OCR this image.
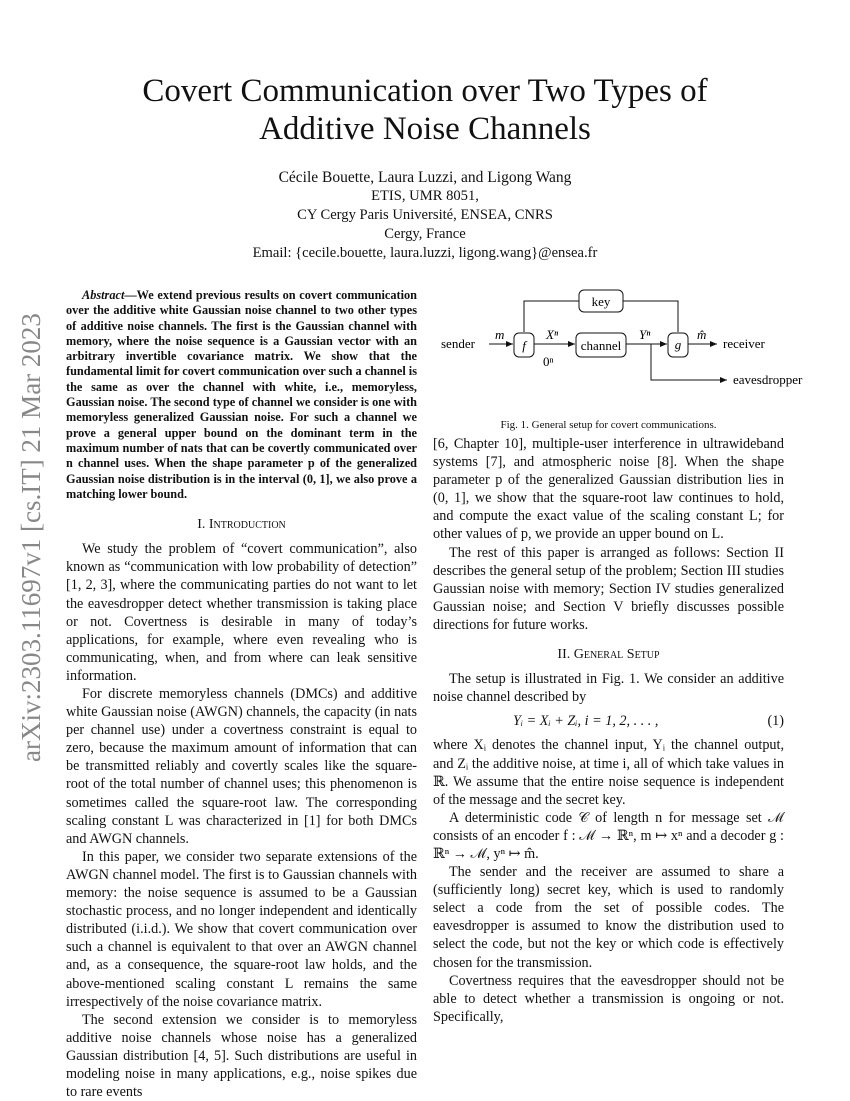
arXiv:2303.11697v1 [cs.IT] 21 Mar 2023
Covert Communication over Two Types of
Additive Noise Channels
Cécile Bouette, Laura Luzzi, and Ligong Wang
ETIS, UMR 8051,
CY Cergy Paris Université, ENSEA, CNRS
Cergy, France
Email: {cecile.bouette, laura.luzzi, ligong.wang}@ensea.fr

Abstract—We extend previous results on covert communication over the additive white Gaussian noise channel to two other types of additive noise channels. The first is the Gaussian channel with memory, where the noise sequence is a Gaussian vector with an arbitrary invertible covariance matrix. We show that the fundamental limit for covert communication over such a channel is the same as over the channel with white, i.e., memoryless, Gaussian noise. The second type of channel we consider is one with memoryless generalized Gaussian noise. For such a channel we prove a general upper bound on the dominant term in the maximum number of nats that can be covertly communicated over n channel uses. When the shape parameter p of the generalized Gaussian noise distribution is in the interval (0, 1], we also prove a matching lower bound.

I. Introduction

We study the problem of “covert communication”, also known as “communication with low probability of detection” [1, 2, 3], where the communicating parties do not want to let the eavesdropper detect whether transmission is taking place or not. Covertness is desirable in many of today’s applications, for example, where even revealing who is communicating, when, and from where can leak sensitive information.

For discrete memoryless channels (DMCs) and additive white Gaussian noise (AWGN) channels, the capacity (in nats per channel use) under a covertness constraint is equal to zero, because the maximum amount of information that can be transmitted reliably and covertly scales like the square-root of the total number of channel uses; this phenomenon is sometimes called the square-root law. The corresponding scaling constant L was characterized in [1] for both DMCs and AWGN channels.

In this paper, we consider two separate extensions of the AWGN channel model. The first is to Gaussian channels with memory: the noise sequence is assumed to be a Gaussian stochastic process, and no longer independent and identically distributed (i.i.d.). We show that covert communication over such a channel is equivalent to that over an AWGN channel and, as a consequence, the square-root law holds, and the above-mentioned scaling constant L remains the same irrespectively of the noise covariance matrix.

The second extension we consider is to memoryless additive noise channels whose noise has a generalized Gaussian distribution [4, 5]. Such distributions are useful in modeling noise in many applications, e.g., noise spikes due to rare events

key
sender
m
f
Xⁿ
0ⁿ
channel
Yⁿ
g
m̂
receiver
eavesdropper
Fig. 1. General setup for covert communications.

[6, Chapter 10], multiple-user interference in ultrawideband systems [7], and atmospheric noise [8]. When the shape parameter p of the generalized Gaussian distribution lies in (0, 1], we show that the square-root law continues to hold, and compute the exact value of the scaling constant L; for other values of p, we provide an upper bound on L.

The rest of this paper is arranged as follows: Section II describes the general setup of the problem; Section III studies Gaussian noise with memory; Section IV studies generalized Gaussian noise; and Section V briefly discusses possible directions for future works.

II. General Setup

The setup is illustrated in Fig. 1. We consider an additive noise channel described by

Yᵢ = Xᵢ + Zᵢ, i = 1, 2, . . . ,	(1)

where Xᵢ denotes the channel input, Yᵢ the channel output, and Zᵢ the additive noise, at time i, all of which take values in ℝ. We assume that the entire noise sequence is independent of the message and the secret key.

A deterministic code 𝒞 of length n for message set ℳ consists of an encoder f : ℳ → ℝⁿ, m ↦ xⁿ and a decoder g : ℝⁿ → ℳ, yⁿ ↦ m̂.

The sender and the receiver are assumed to share a (sufficiently long) secret key, which is used to randomly select a code from the set of possible codes. The eavesdropper is assumed to know the distribution used to select the code, but not the key or which code is effectively chosen for the transmission.

Covertness requires that the eavesdropper should not be able to detect whether a transmission is ongoing or not. Specifically,
